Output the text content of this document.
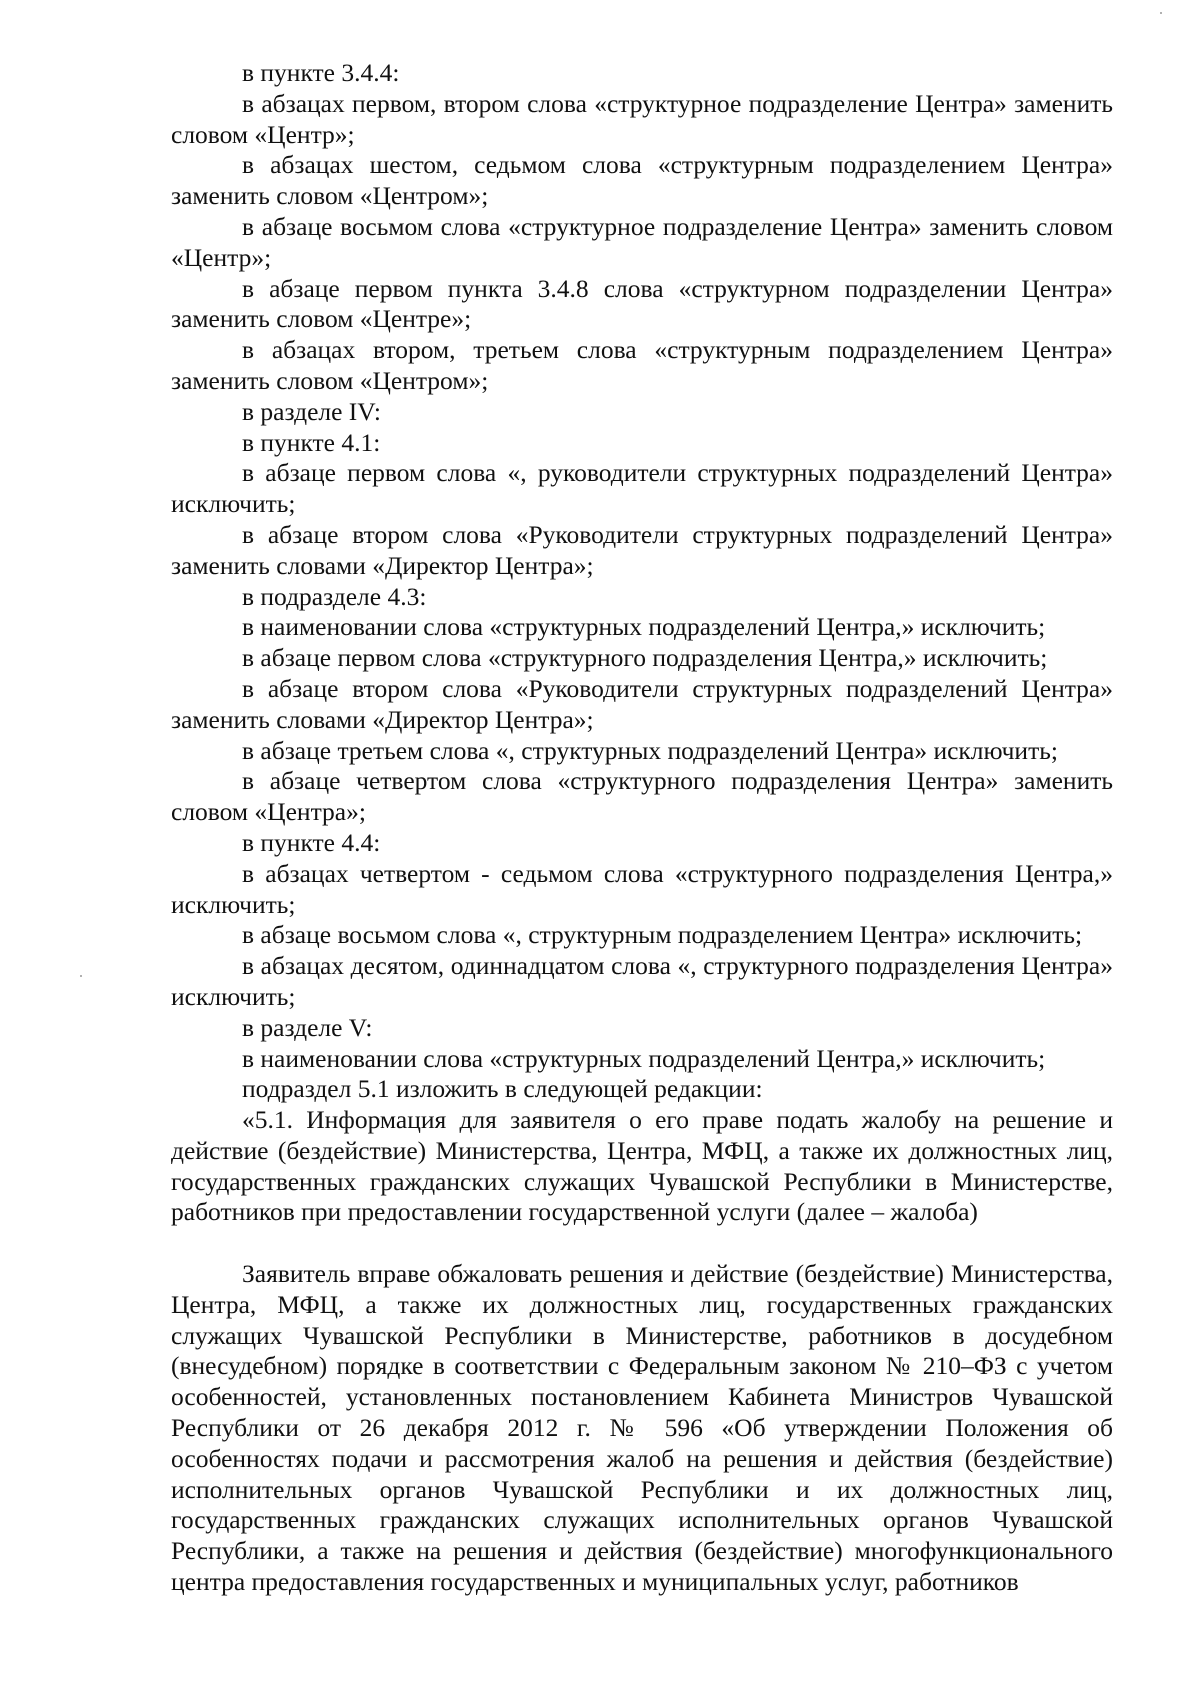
в пункте 3.4.4:

в абзацах первом, втором слова «структурное подразделение Центра» заменить словом «Центр»;

в абзацах шестом, седьмом слова «структурным подразделением Центра» заменить словом «Центром»;

в абзаце восьмом слова «структурное подразделение Центра» заменить словом «Центр»;

в абзаце первом пункта 3.4.8 слова «структурном подразделении Центра» заменить словом «Центре»;

в абзацах втором, третьем слова «структурным подразделением Центра» заменить словом «Центром»;

в разделе IV:

в пункте 4.1:

в абзаце первом слова «, руководители структурных подразделений Центра» исключить;

в абзаце втором слова «Руководители структурных подразделений Центра» заменить словами «Директор Центра»;

в подразделе 4.3:

в наименовании слова «структурных подразделений Центра,» исключить;

в абзаце первом слова «структурного подразделения Центра,» исключить;

в абзаце втором слова «Руководители структурных подразделений Центра» заменить словами «Директор Центра»;

в абзаце третьем слова «, структурных подразделений Центра» исключить;

в абзаце четвертом слова «структурного подразделения Центра» заменить словом «Центра»;

в пункте 4.4:

в абзацах четвертом - седьмом слова «структурного подразделения Центра,» исключить;

в абзаце восьмом слова «, структурным подразделением Центра» исключить;

в абзацах десятом, одиннадцатом слова «, структурного подразделения Центра» исключить;

в разделе V:

в наименовании слова «структурных подразделений Центра,» исключить;

подраздел 5.1 изложить в следующей редакции:

«5.1. Информация для заявителя о его праве подать жалобу на решение и действие (бездействие) Министерства, Центра, МФЦ, а также их должностных лиц, государственных гражданских служащих Чувашской Республики в Министерстве, работников при предоставлении государственной услуги (далее – жалоба)

Заявитель вправе обжаловать решения и действие (бездействие) Министерства, Центра, МФЦ, а также их должностных лиц, государственных гражданских служащих Чувашской Республики в Министерстве, работников в досудебном (внесудебном) порядке в соответствии с Федеральным законом № 210–ФЗ с учетом особенностей, установленных постановлением Кабинета Министров Чувашской Республики от 26 декабря 2012 г. № 596 «Об утверждении Положения об особенностях подачи и рассмотрения жалоб на решения и действия (бездействие) исполнительных органов Чувашской Республики и их должностных лиц, государственных гражданских служащих исполнительных органов Чувашской Республики, а также на решения и действия (бездействие) многофункционального центра предоставления государственных и муниципальных услуг, работников
